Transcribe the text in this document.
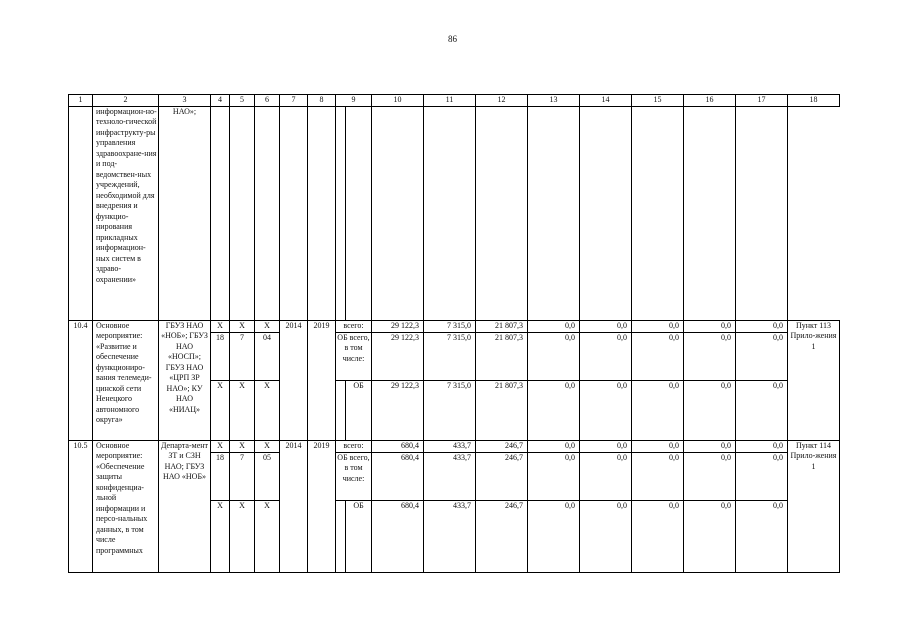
86
1	2	3	4	5	6	7	8	9		10	11	12	13	14	15	16	17	18
	информацион-но-техноло-гической инфраструкту-ры управления здравоохране-ния и под-ведомствен-ных учреждений, необходимой для внедрения и функцио-нирования прикладных информацион-ных систем в здраво-охранении»	НАО»;																
10.4	Основное мероприятие: «Развитие и обеспечение функциониро-вания телемеди-цинской сети Ненецкого автономного округа»	ГБУЗ НАО «НОБ»; ГБУЗ НАО «НОСП»; ГБУЗ НАО «ЦРП ЗР НАО»; КУ НАО «НИАЦ»	X	X	X	2014	2019	всего:		29 122,3	7 315,0	21 807,3	0,0	0,0	0,0	0,0	0,0	Пункт 113 Прило-жения 1
			18	7	04			ОБ всего, в том числе:		29 122,3	7 315,0	21 807,3	0,0	0,0	0,0	0,0	0,0	
			X	X	X				ОБ	29 122,3	7 315,0	21 807,3	0,0	0,0	0,0	0,0	0,0	
10.5	Основное мероприятие: «Обеспечение защиты конфиденциа-льной информации и персо-нальных данных, в том числе программных	Департа-мент ЗТ и СЗН НАО; ГБУЗ НАО «НОБ»	X	X	X	2014	2019	всего:		680,4	433,7	246,7	0,0	0,0	0,0	0,0	0,0	Пункт 114 Прило-жения 1
			18	7	05			ОБ всего, в том числе:		680,4	433,7	246,7	0,0	0,0	0,0	0,0	0,0	
			X	X	X				ОБ	680,4	433,7	246,7	0,0	0,0	0,0	0,0	0,0	
